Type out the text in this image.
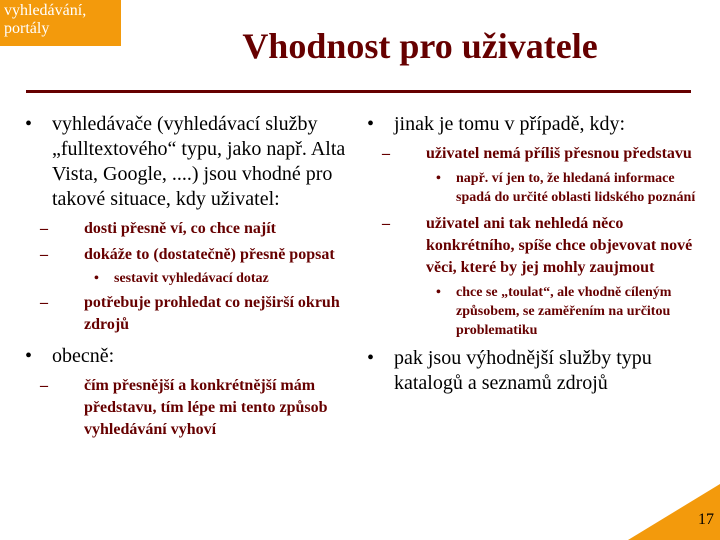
vyhledávání,
portály	Vhodnost pro uživatele
• vyhledávače (vyhledávací služby „fulltextového“ typu, jako např. Alta Vista, Google, ....) jsou vhodné pro takové situace, kdy uživatel:
– dosti přesně ví, co chce najít
– dokáže to (dostatečně) přesně popsat
• sestavit vyhledávací dotaz
– potřebuje prohledat co nejširší okruh zdrojů
• obecně:
– čím přesnější a konkrétnější mám představu, tím lépe mi tento způsob vyhledávání vyhoví
• jinak je tomu v případě, kdy:
– uživatel nemá příliš přesnou představu
• např. ví jen to, že hledaná informace spadá do určité oblasti lidského poznání
– uživatel ani tak nehledá něco konkrétního, spíše chce objevovat nové věci, které by jej mohly zaujmout
• chce se „toulat“, ale vhodně cíleným způsobem, se zaměřením na určitou problematiku
• pak jsou výhodnější služby typu katalogů a seznamů zdrojů
17
